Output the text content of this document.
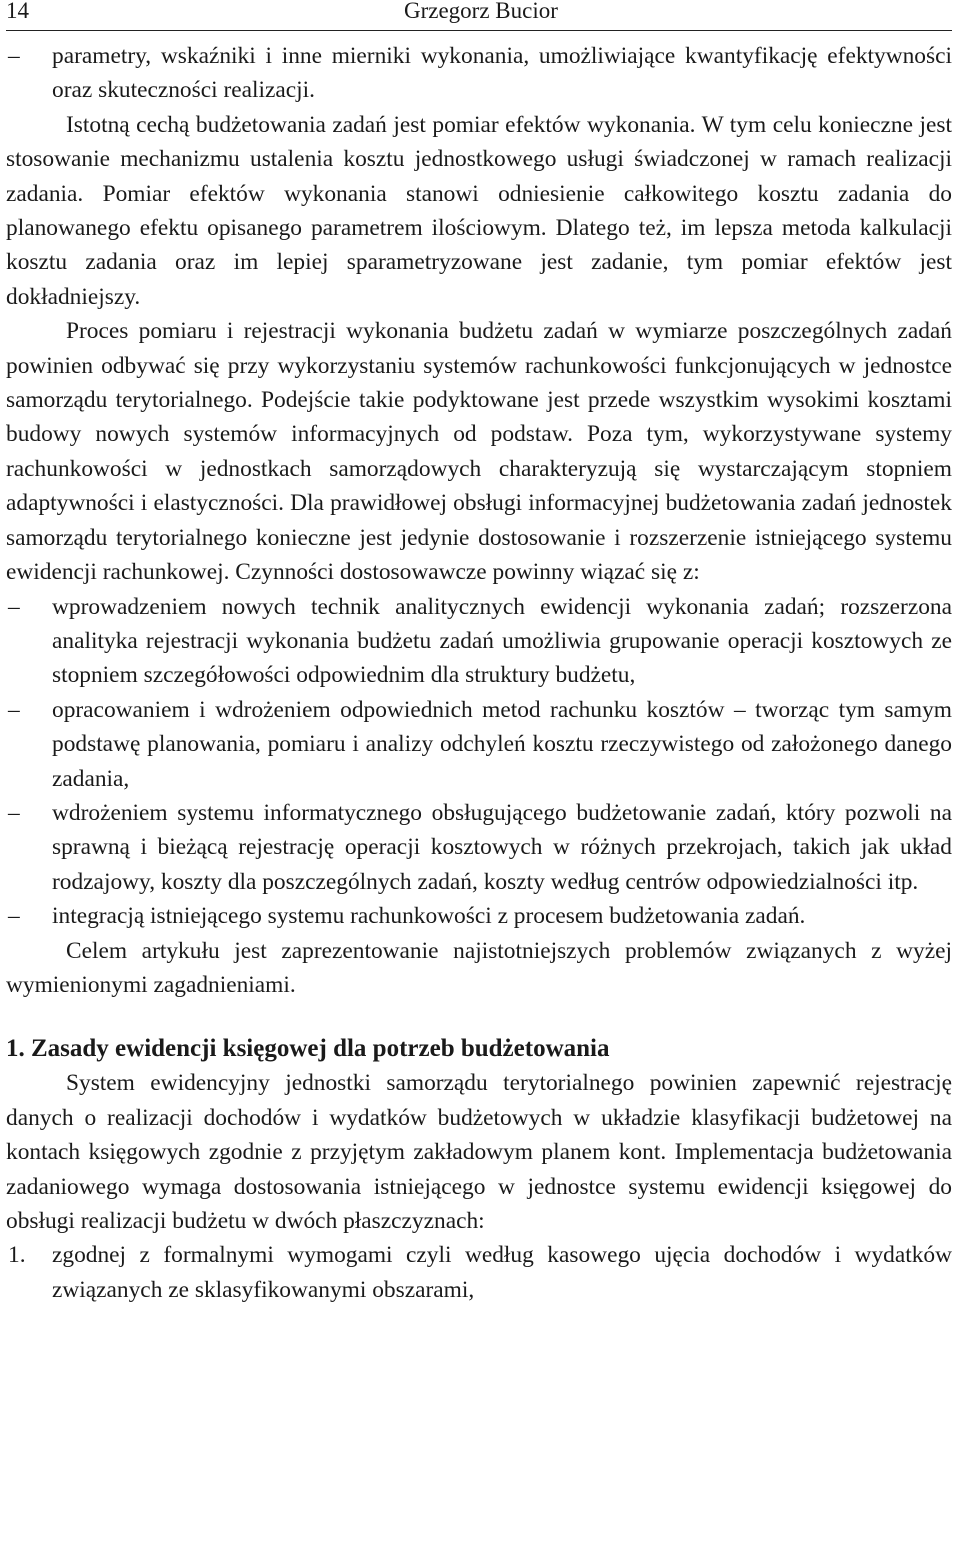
14	Grzegorz Bucior
– parametry, wskaźniki i inne mierniki wykonania, umożliwiające kwantyfikację efektywności oraz skuteczności realizacji.

Istotną cechą budżetowania zadań jest pomiar efektów wykonania. W tym celu konieczne jest stosowanie mechanizmu ustalenia kosztu jednostkowego usługi świadczonej w ramach realizacji zadania. Pomiar efektów wykonania stanowi odniesienie całkowitego kosztu zadania do planowanego efektu opisanego parametrem ilościowym. Dlatego też, im lepsza metoda kalkulacji kosztu zadania oraz im lepiej sparametryzowane jest zadanie, tym pomiar efektów jest dokładniejszy.

Proces pomiaru i rejestracji wykonania budżetu zadań w wymiarze poszczególnych zadań powinien odbywać się przy wykorzystaniu systemów rachunkowości funkcjonujących w jednostce samorządu terytorialnego. Podejście takie podyktowane jest przede wszystkim wysokimi kosztami budowy nowych systemów informacyjnych od podstaw. Poza tym, wykorzystywane systemy rachunkowości w jednostkach samorządowych charakteryzują się wystarczającym stopniem adaptywności i elastyczności. Dla prawidłowej obsługi informacyjnej budżetowania zadań jednostek samorządu terytorialnego konieczne jest jedynie dostosowanie i rozszerzenie istniejącego systemu ewidencji rachunkowej. Czynności dostosowawcze powinny wiązać się z:

– wprowadzeniem nowych technik analitycznych ewidencji wykonania zadań; rozszerzona analityka rejestracji wykonania budżetu zadań umożliwia grupowanie operacji kosztowych ze stopniem szczegółowości odpowiednim dla struktury budżetu,
– opracowaniem i wdrożeniem odpowiednich metod rachunku kosztów – tworząc tym samym podstawę planowania, pomiaru i analizy odchyleń kosztu rzeczywistego od założonego danego zadania,
– wdrożeniem systemu informatycznego obsługującego budżetowanie zadań, który pozwoli na sprawną i bieżącą rejestrację operacji kosztowych w różnych przekrojach, takich jak układ rodzajowy, koszty dla poszczególnych zadań, koszty według centrów odpowiedzialności itp.
– integracją istniejącego systemu rachunkowości z procesem budżetowania zadań.

Celem artykułu jest zaprezentowanie najistotniejszych problemów związanych z wyżej wymienionymi zagadnieniami.

1. Zasady ewidencji księgowej dla potrzeb budżetowania

System ewidencyjny jednostki samorządu terytorialnego powinien zapewnić rejestrację danych o realizacji dochodów i wydatków budżetowych w układzie klasyfikacji budżetowej na kontach księgowych zgodnie z przyjętym zakładowym planem kont. Implementacja budżetowania zadaniowego wymaga dostosowania istniejącego w jednostce systemu ewidencji księgowej do obsługi realizacji budżetu w dwóch płaszczyznach:

1. zgodnej z formalnymi wymogami czyli według kasowego ujęcia dochodów i wydatków związanych ze sklasyfikowanymi obszarami,
